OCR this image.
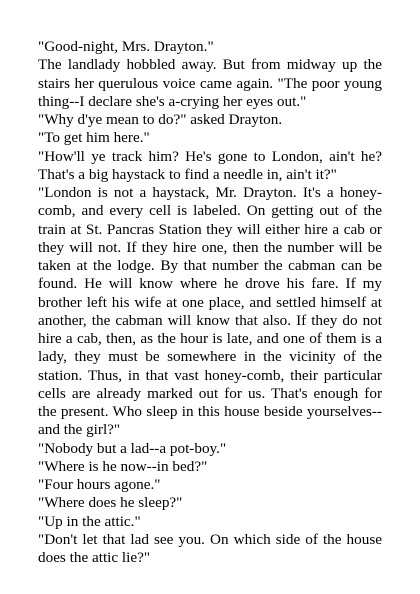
"Good-night, Mrs. Drayton."

The landlady hobbled away. But from midway up the stairs her querulous voice came again. "The poor young thing--I declare she's a-crying her eyes out."

"Why d'ye mean to do?" asked Drayton.

"To get him here."

"How'll ye track him? He's gone to London, ain't he? That's a big haystack to find a needle in, ain't it?"

"London is not a haystack, Mr. Drayton. It's a honey-comb, and every cell is labeled. On getting out of the train at St. Pancras Station they will either hire a cab or they will not. If they hire one, then the number will be taken at the lodge. By that number the cabman can be found. He will know where he drove his fare. If my brother left his wife at one place, and settled himself at another, the cabman will know that also. If they do not hire a cab, then, as the hour is late, and one of them is a lady, they must be somewhere in the vicinity of the station. Thus, in that vast honey-comb, their particular cells are already marked out for us. That's enough for the present. Who sleep in this house beside yourselves--and the girl?"

"Nobody but a lad--a pot-boy."

"Where is he now--in bed?"

"Four hours agone."

"Where does he sleep?"

"Up in the attic."

"Don't let that lad see you. On which side of the house does the attic lie?"
